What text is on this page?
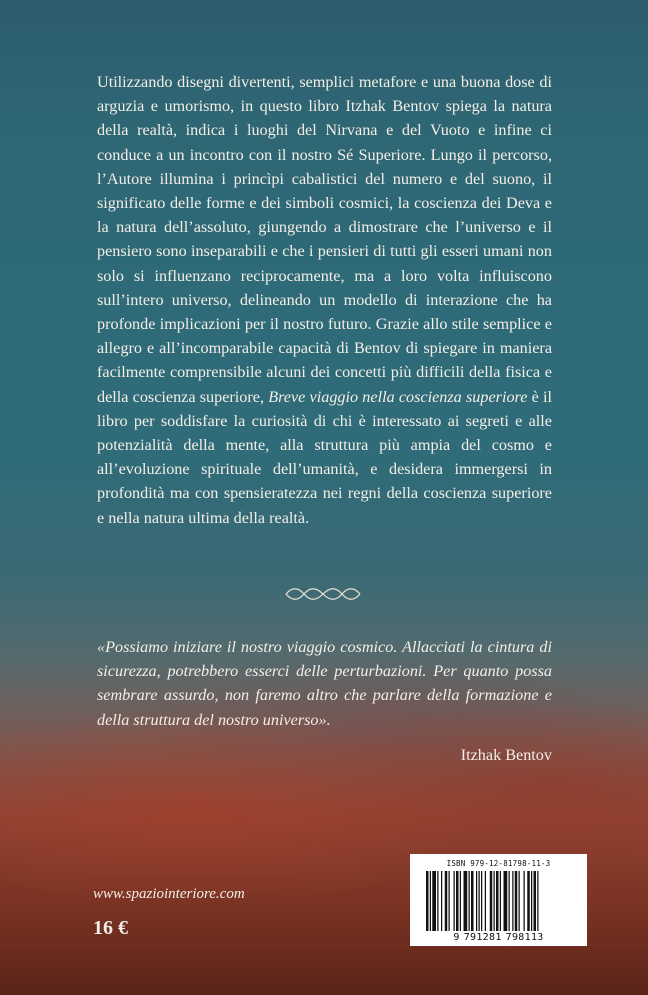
Utilizzando disegni divertenti, semplici metafore e una buona dose di arguzia e umorismo, in questo libro Itzhak Bentov spiega la natura della realtà, indica i luoghi del Nirvana e del Vuoto e infine ci conduce a un incontro con il nostro Sé Superiore. Lungo il percorso, l’Autore illumina i princìpi cabalistici del numero e del suono, il significato delle forme e dei simboli cosmici, la coscienza dei Deva e la natura dell’assoluto, giungendo a dimostrare che l’universo e il pensiero sono inseparabili e che i pensieri di tutti gli esseri umani non solo si influenzano reciprocamente, ma a loro volta influiscono sull’intero universo, delineando un modello di interazione che ha profonde implicazioni per il nostro futuro. Grazie allo stile semplice e allegro e all’incomparabile capacità di Bentov di spiegare in maniera facilmente comprensibile alcuni dei concetti più difficili della fisica e della coscienza superiore, Breve viaggio nella coscienza superiore è il libro per soddisfare la curiosità di chi è interessato ai segreti e alle potenzialità della mente, alla struttura più ampia del cosmo e all’evoluzione spirituale dell’umanità, e desidera immergersi in profondità ma con spensieratezza nei regni della coscienza superiore e nella natura ultima della realtà.

«Possiamo iniziare il nostro viaggio cosmico. Allacciati la cintura di sicurezza, potrebbero esserci delle perturbazioni. Per quanto possa sembrare assurdo, non faremo altro che parlare della formazione e della struttura del nostro universo».

Itzhak Bentov

www.spaziointeriore.com

16 €

ISBN 979-12-81798-11-3
9 791281 798113
